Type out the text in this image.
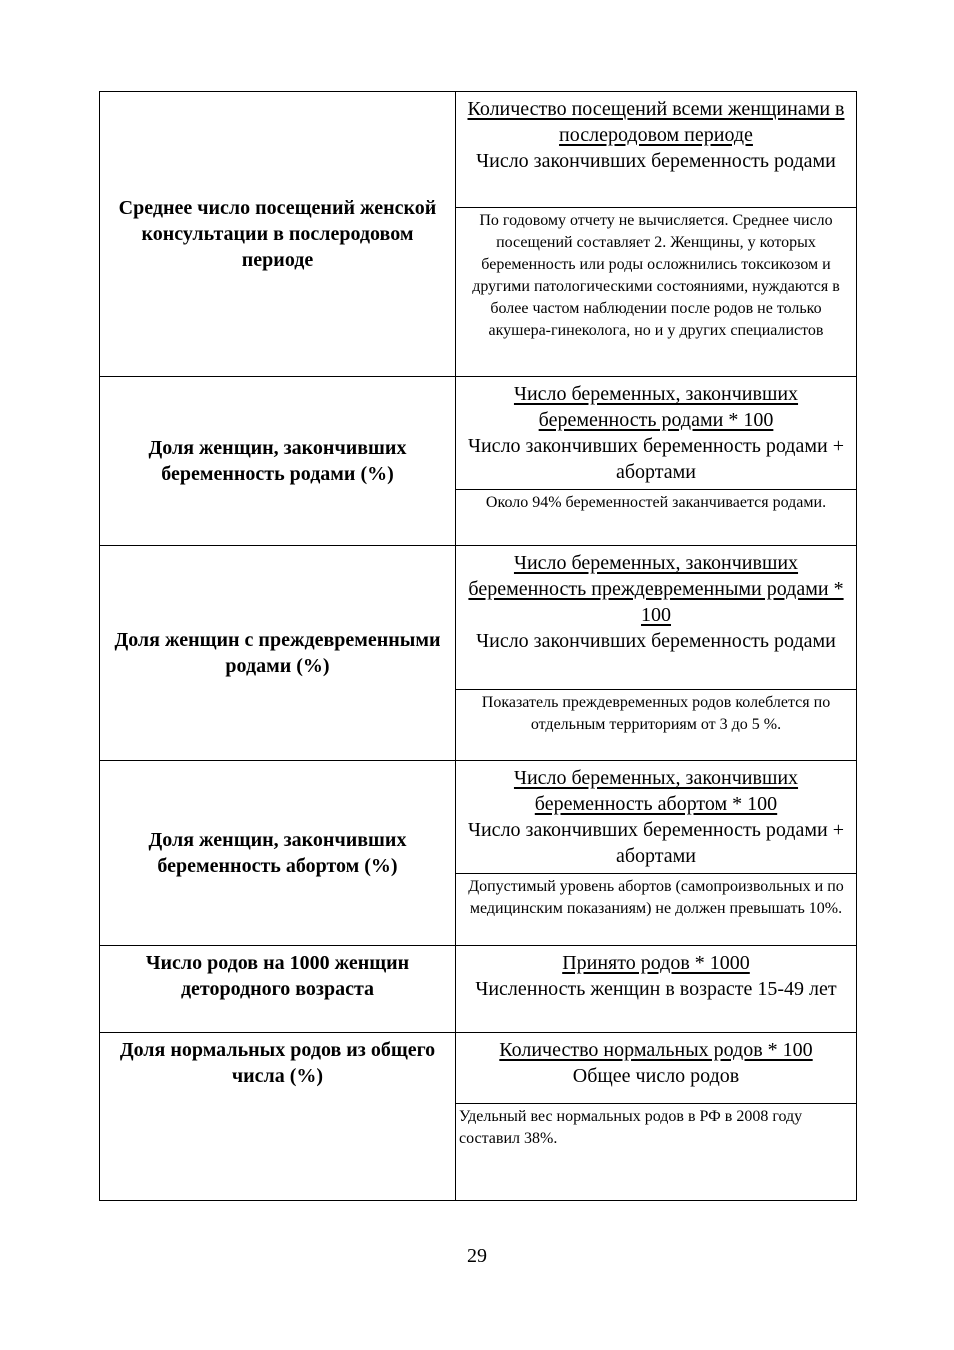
Среднее число посещений женской консультации в послеродовом периоде	Количество посещений всеми женщинами в послеродовом периоде
Число закончивших беременность родами

	По годовому отчету не вычисляется. Среднее число посещений составляет 2. Женщины, у которых беременность или роды осложнились токсикозом и другими патологическими состояниями, нуждаются в более частом наблюдении после родов не только акушера-гинеколога, но и у других специалистов
Доля женщин, закончивших беременность родами (%)	Число беременных, закончивших беременность родами * 100
Число закончивших беременность родами + абортами

	Около 94% беременностей заканчивается родами.
Доля женщин с преждевременными родами (%)	Число беременных, закончивших беременность преждевременными родами * 100
Число закончивших беременность родами

	Показатель преждевременных родов колеблется по отдельным территориям от 3 до 5 %.
Доля женщин, закончивших беременность абортом (%)	Число беременных, закончивших беременность абортом * 100
Число закончивших беременность родами + абортами

	Допустимый уровень абортов (самопроизвольных и по медицинским показаниям) не должен превышать 10%.
Число родов на 1000 женщин детородного возраста	Принято родов * 1000
Численность женщин в возрасте 15-49 лет

Доля нормальных родов из общего числа (%)	Количество нормальных родов * 100
Общее число родов

	Удельный вес нормальных родов в РФ в 2008 году составил 38%.
29
